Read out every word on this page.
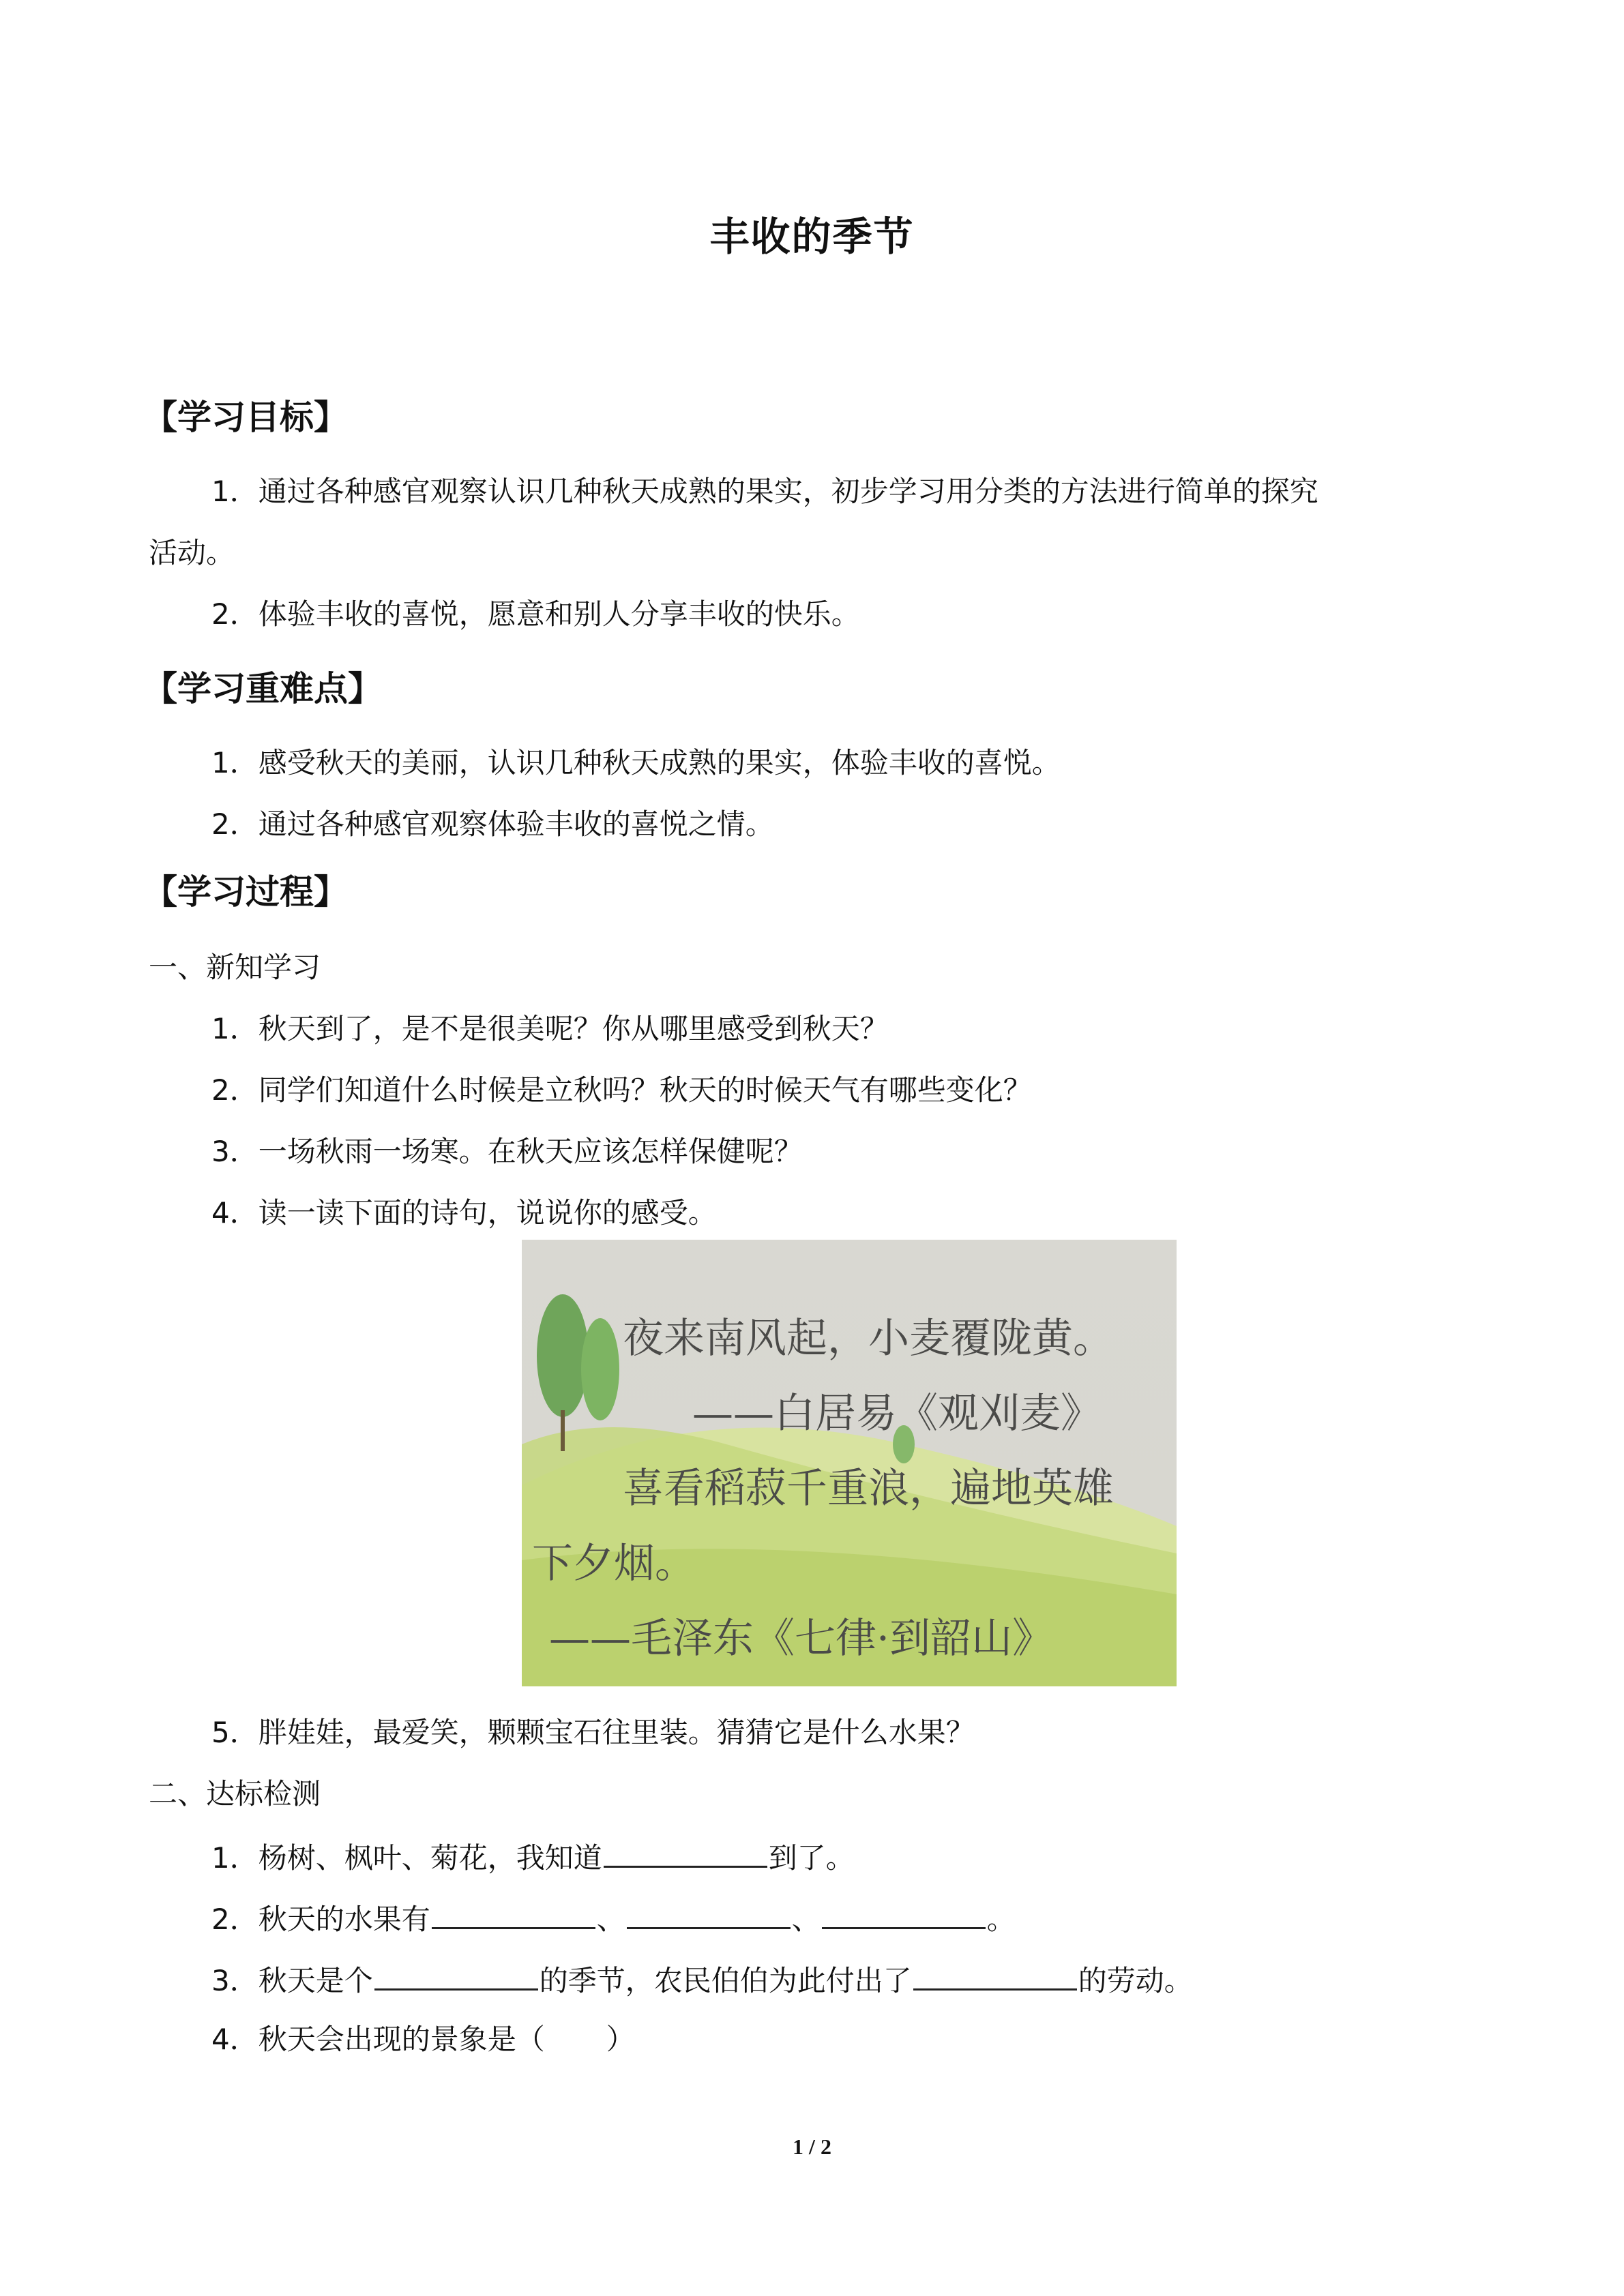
丰收的季节
【学习目标】
1．通过各种感官观察认识几种秋天成熟的果实，初步学习用分类的方法进行简单的探究
活动。
2．体验丰收的喜悦，愿意和别人分享丰收的快乐。
【学习重难点】
1．感受秋天的美丽，认识几种秋天成熟的果实，体验丰收的喜悦。
2．通过各种感官观察体验丰收的喜悦之情。
【学习过程】
一、新知学习
1．秋天到了，是不是很美呢？你从哪里感受到秋天？
2．同学们知道什么时候是立秋吗？秋天的时候天气有哪些变化？
3．一场秋雨一场寒。在秋天应该怎样保健呢？
4．读一读下面的诗句，说说你的感受。
夜来南风起，小麦覆陇黄。
——白居易《观刈麦》
喜看稻菽千重浪，遍地英雄
下夕烟。
——毛泽东《七律·到韶山》
5．胖娃娃，最爱笑，颗颗宝石往里装。猜猜它是什么水果？
二、达标检测
1．杨树、枫叶、菊花，我知道	到了。
2．秋天的水果有	、	、	。
3．秋天是个	的季节，农民伯伯为此付出了	的劳动。
4．秋天会出现的景象是（ ）
1 / 2
